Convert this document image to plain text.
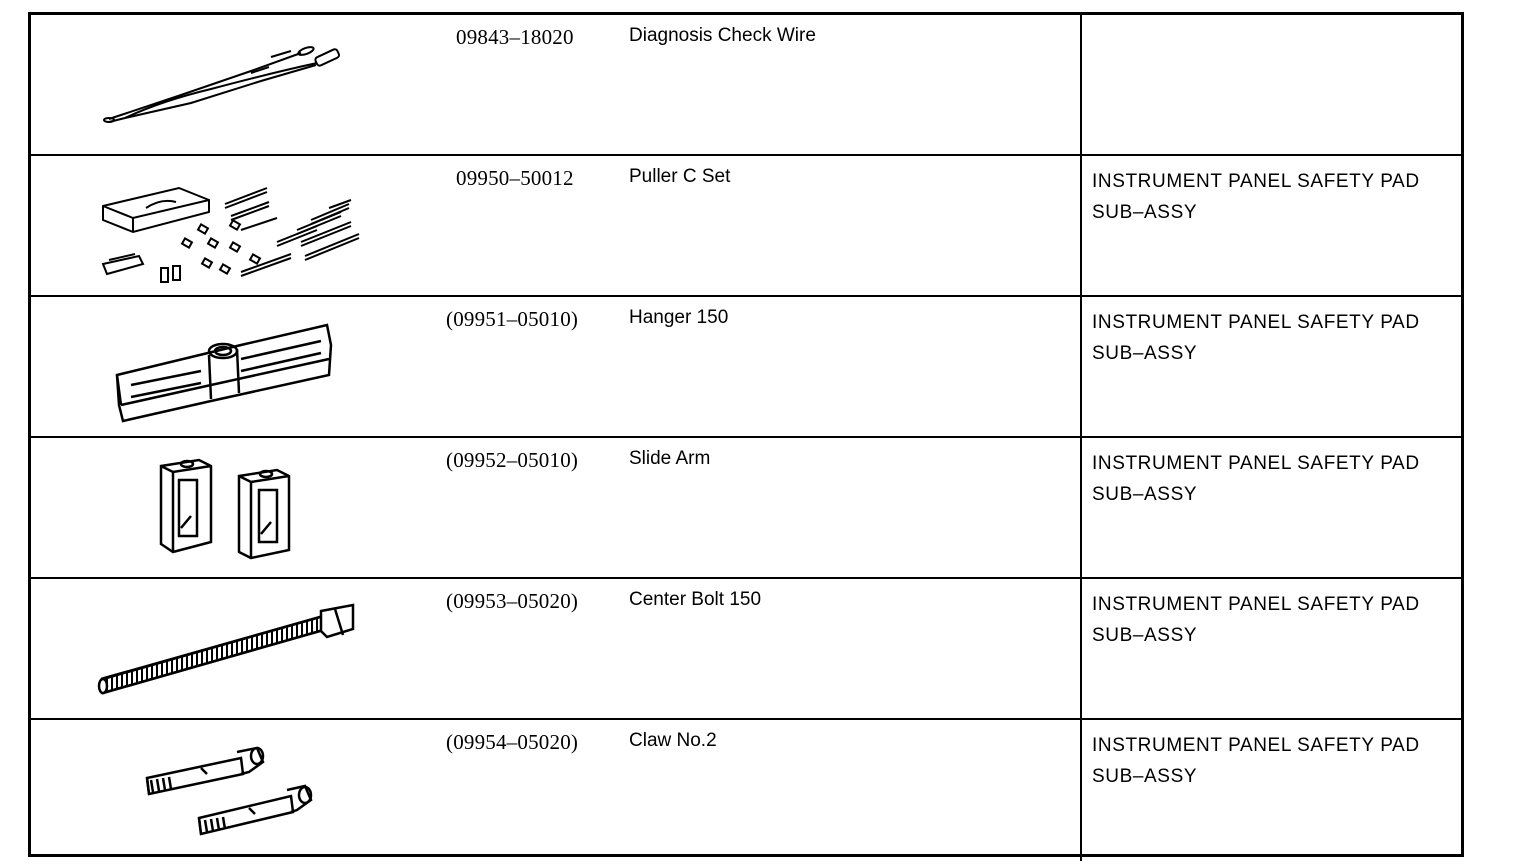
09843–18020	Diagnosis Check Wire
09950–50012	Puller C Set	INSTRUMENT PANEL SAFETY PAD
SUB–ASSY
(09951–05010)	Hanger 150	INSTRUMENT PANEL SAFETY PAD
SUB–ASSY
(09952–05010)	Slide Arm	INSTRUMENT PANEL SAFETY PAD
SUB–ASSY
(09953–05020)	Center Bolt 150	INSTRUMENT PANEL SAFETY PAD
SUB–ASSY
(09954–05020)	Claw No.2	INSTRUMENT PANEL SAFETY PAD
SUB–ASSY
